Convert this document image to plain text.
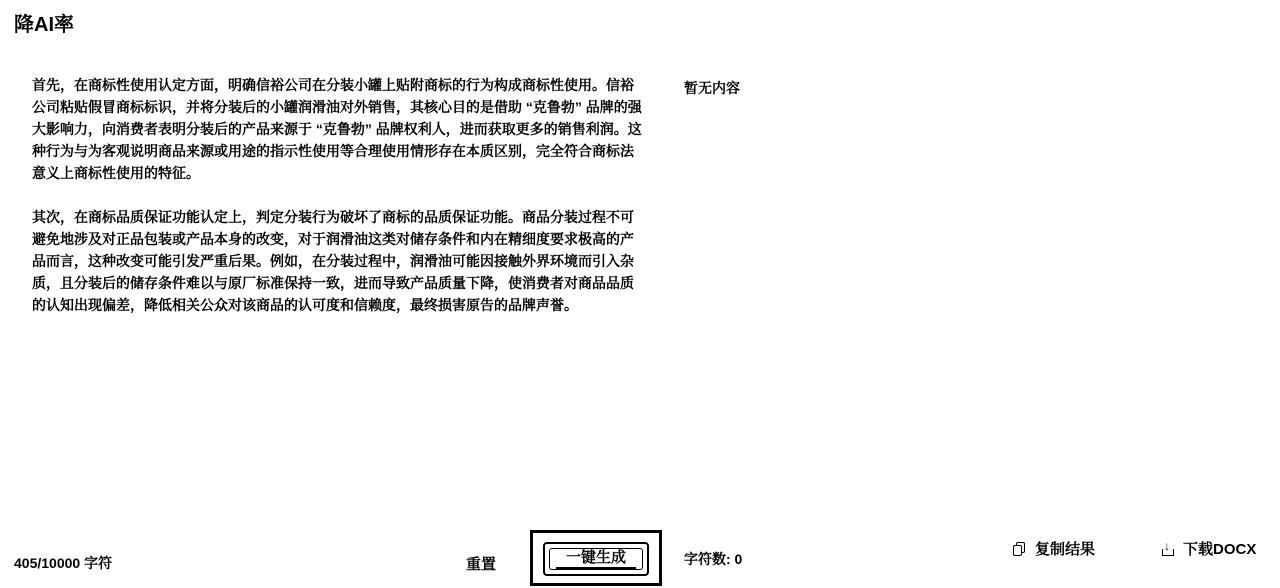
降AI率

首先，在商标性使用认定方面，明确信裕公司在分装小罐上贴附商标的行为构成商标性使用。信裕公司粘贴假冒商标标识，并将分装后的小罐润滑油对外销售，其核心目的是借助 “克鲁勃” 品牌的强大影响力，向消费者表明分装后的产品来源于 “克鲁勃” 品牌权利人，进而获取更多的销售利润。这种行为与为客观说明商品来源或用途的指示性使用等合理使用情形存在本质区别，完全符合商标法意义上商标性使用的特征。

其次，在商标品质保证功能认定上，判定分装行为破坏了商标的品质保证功能。商品分装过程不可避免地涉及对正品包装或产品本身的改变，对于润滑油这类对储存条件和内在精细度要求极高的产品而言，这种改变可能引发严重后果。例如，在分装过程中，润滑油可能因接触外界环境而引入杂质，且分装后的储存条件难以与原厂标准保持一致，进而导致产品质量下降，使消费者对商品品质的认知出现偏差，降低相关公众对该商品的认可度和信赖度，最终损害原告的品牌声誉。

暂无内容
405/10000 字符	重置	一键生成	字符数: 0
复制结果
↓	下载DOCX
